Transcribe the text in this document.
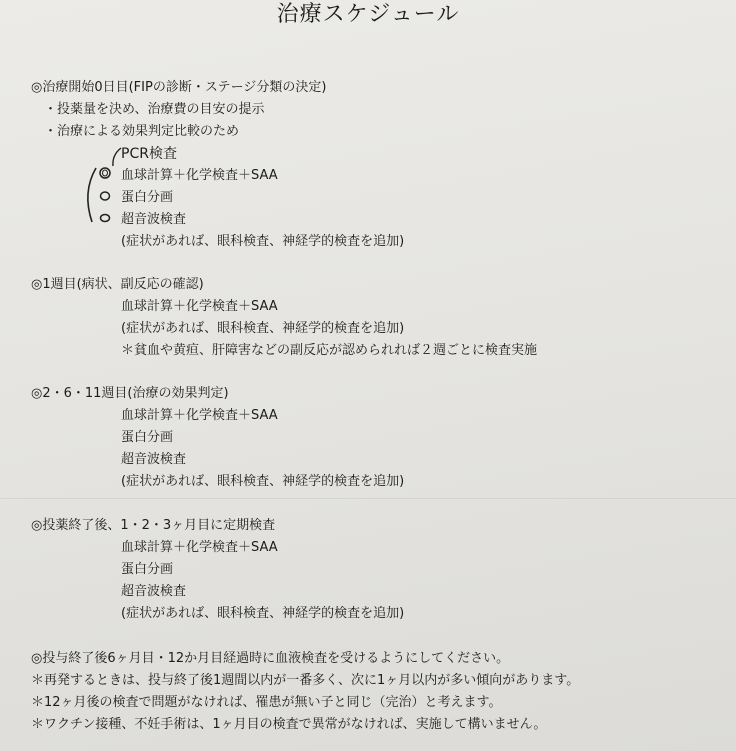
治療スケジュール
◎治療開始0日目(FIPの診断・ステージ分類の決定)
・投薬量を決め、治療費の目安の提示
・治療による効果判定比較のため
PCR検査
血球計算＋化学検査＋SAA
蛋白分画
超音波検査
(症状があれば、眼科検査、神経学的検査を追加)
◎1週目(病状、副反応の確認)
血球計算＋化学検査＋SAA
(症状があれば、眼科検査、神経学的検査を追加)
＊貧血や黄疸、肝障害などの副反応が認められれば２週ごとに検査実施
◎2・6・11週目(治療の効果判定)
血球計算＋化学検査＋SAA
蛋白分画
超音波検査
(症状があれば、眼科検査、神経学的検査を追加)
◎投薬終了後、1・2・3ヶ月目に定期検査
血球計算＋化学検査＋SAA
蛋白分画
超音波検査
(症状があれば、眼科検査、神経学的検査を追加)
◎投与終了後6ヶ月目・12か月目経過時に血液検査を受けるようにしてください。
＊再発するときは、投与終了後1週間以内が一番多く、次に1ヶ月以内が多い傾向があります。
＊12ヶ月後の検査で問題がなければ、罹患が無い子と同じ（完治）と考えます。
＊ワクチン接種、不妊手術は、1ヶ月目の検査で異常がなければ、実施して構いません。
